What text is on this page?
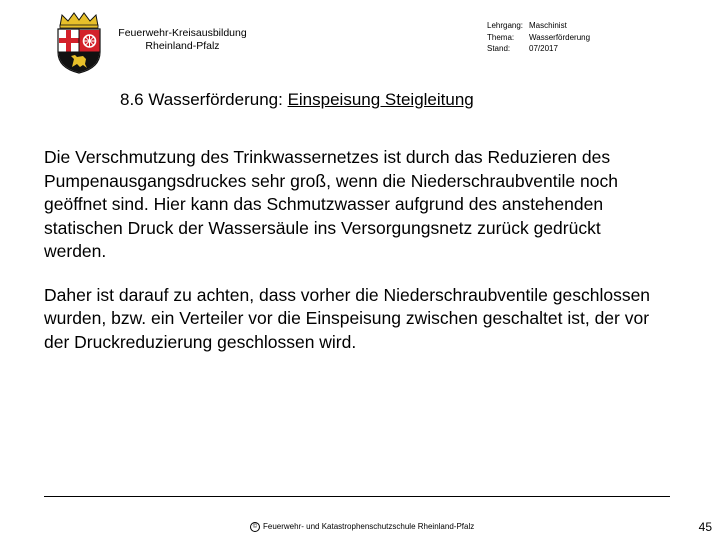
Feuerwehr-Kreisausbildung
Rheinland-Pfalz
Lehrgang: Maschinist
Thema:	Wasserförderung
Stand:	07/2017
8.6 Wasserförderung: Einspeisung Steigleitung

Die Verschmutzung des Trinkwassernetzes ist durch das Reduzieren des Pumpenausgangsdruckes sehr groß, wenn die Niederschraubventile noch geöffnet sind. Hier kann das Schmutzwasser aufgrund des anstehenden statischen Druck der Wassersäule ins Versorgungsnetz zurück gedrückt werden.

Daher ist darauf zu achten, dass vorher die Niederschraubventile geschlossen wurden, bzw. ein Verteiler vor die Einspeisung zwischen geschaltet ist, der vor der Druckreduzierung geschlossen wird.

© Feuerwehr- und Katastrophenschutzschule Rheinland-Pfalz	45
